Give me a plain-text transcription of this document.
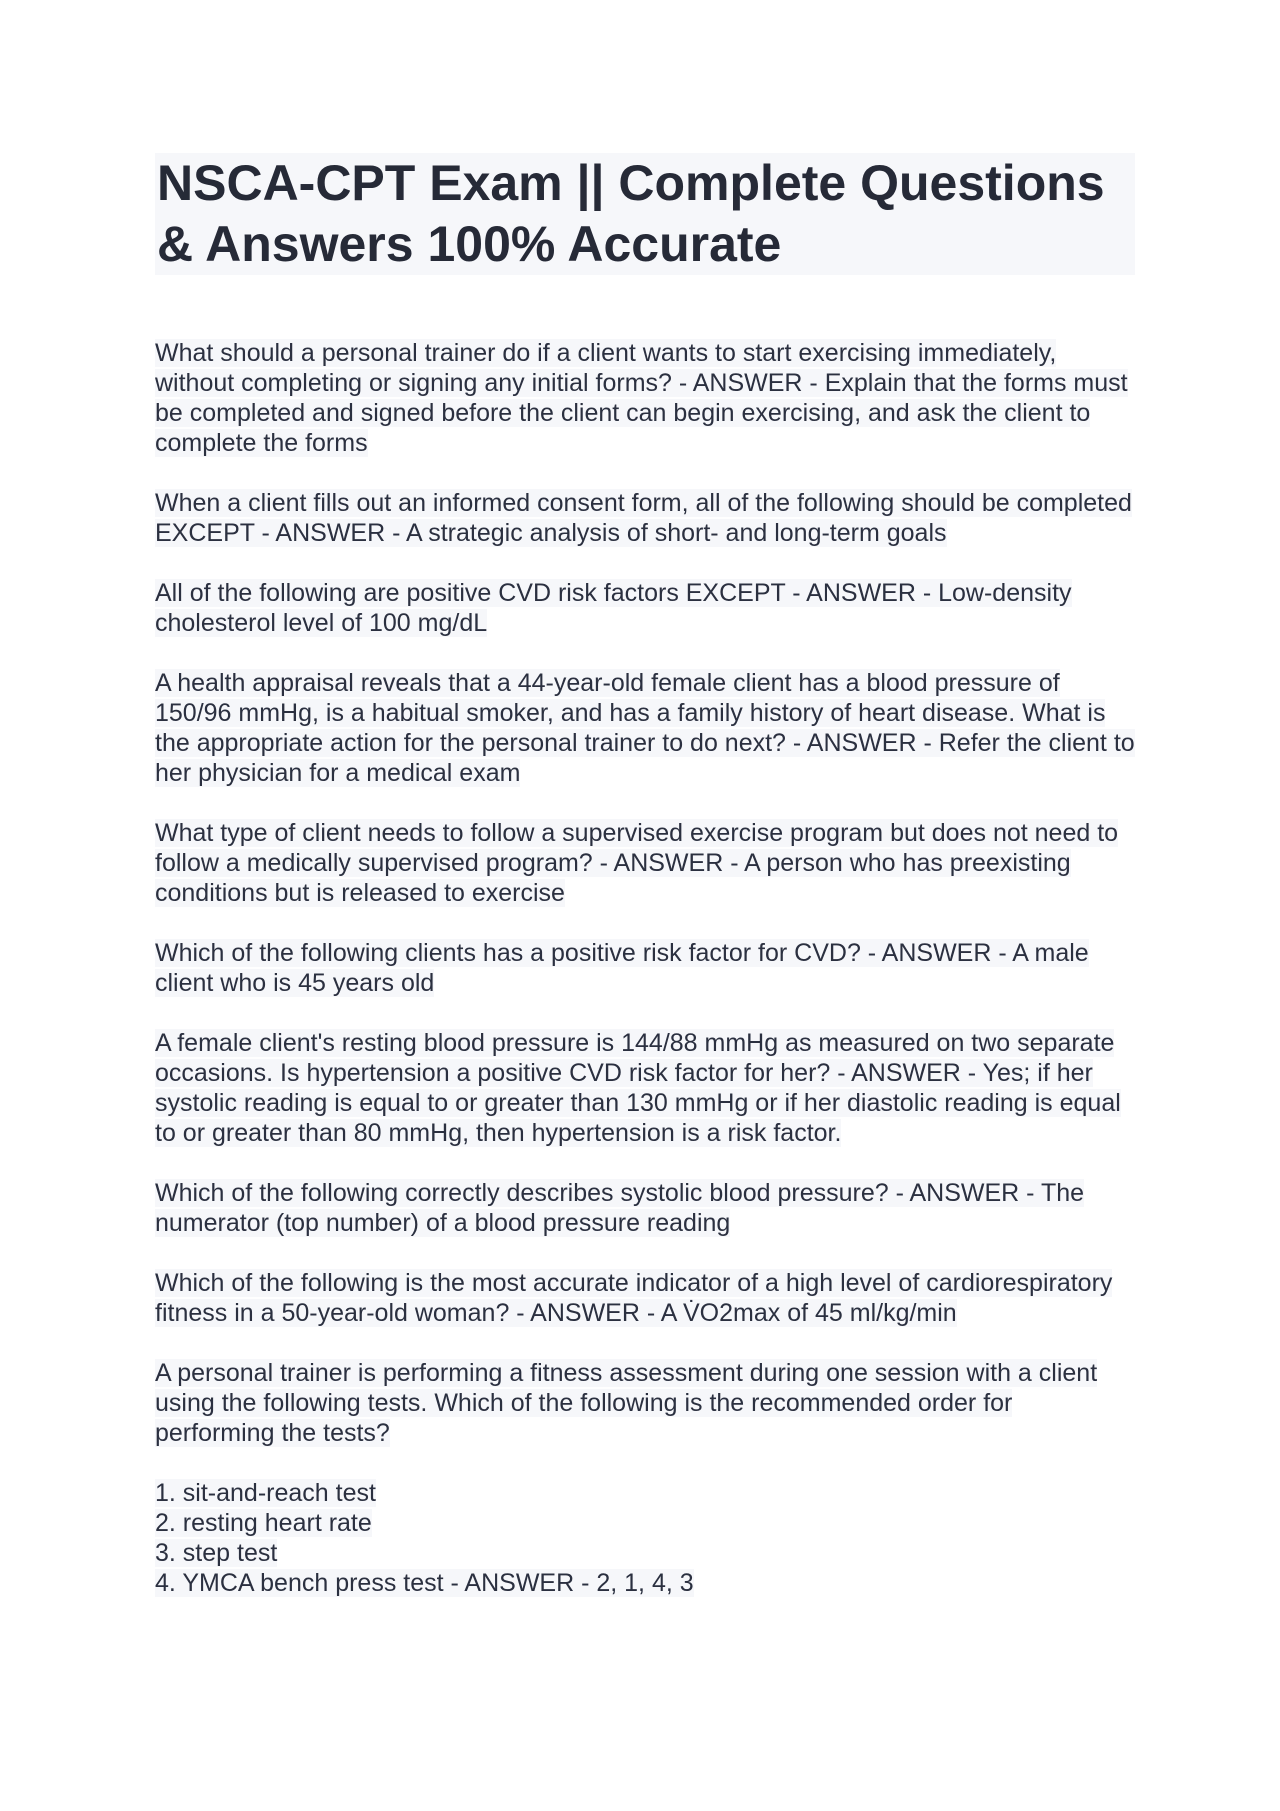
NSCA-CPT Exam || Complete Questions & Answers 100% Accurate

What should a personal trainer do if a client wants to start exercising immediately, without completing or signing any initial forms? - ANSWER - Explain that the forms must be completed and signed before the client can begin exercising, and ask the client to complete the forms

When a client fills out an informed consent form, all of the following should be completed EXCEPT - ANSWER - A strategic analysis of short- and long-term goals

All of the following are positive CVD risk factors EXCEPT - ANSWER - Low-density cholesterol level of 100 mg/dL

A health appraisal reveals that a 44-year-old female client has a blood pressure of 150/96 mmHg, is a habitual smoker, and has a family history of heart disease. What is the appropriate action for the personal trainer to do next? - ANSWER - Refer the client to her physician for a medical exam

What type of client needs to follow a supervised exercise program but does not need to follow a medically supervised program? - ANSWER - A person who has preexisting conditions but is released to exercise

Which of the following clients has a positive risk factor for CVD? - ANSWER - A male client who is 45 years old

A female client's resting blood pressure is 144/88 mmHg as measured on two separate occasions. Is hypertension a positive CVD risk factor for her? - ANSWER - Yes; if her systolic reading is equal to or greater than 130 mmHg or if her diastolic reading is equal to or greater than 80 mmHg, then hypertension is a risk factor.

Which of the following correctly describes systolic blood pressure? - ANSWER - The numerator (top number) of a blood pressure reading

Which of the following is the most accurate indicator of a high level of cardiorespiratory fitness in a 50-year-old woman? - ANSWER - A V̇O2max of 45 ml/kg/min

A personal trainer is performing a fitness assessment during one session with a client using the following tests. Which of the following is the recommended order for performing the tests?

1. sit-and-reach test
2. resting heart rate
3. step test
4. YMCA bench press test - ANSWER - 2, 1, 4, 3
